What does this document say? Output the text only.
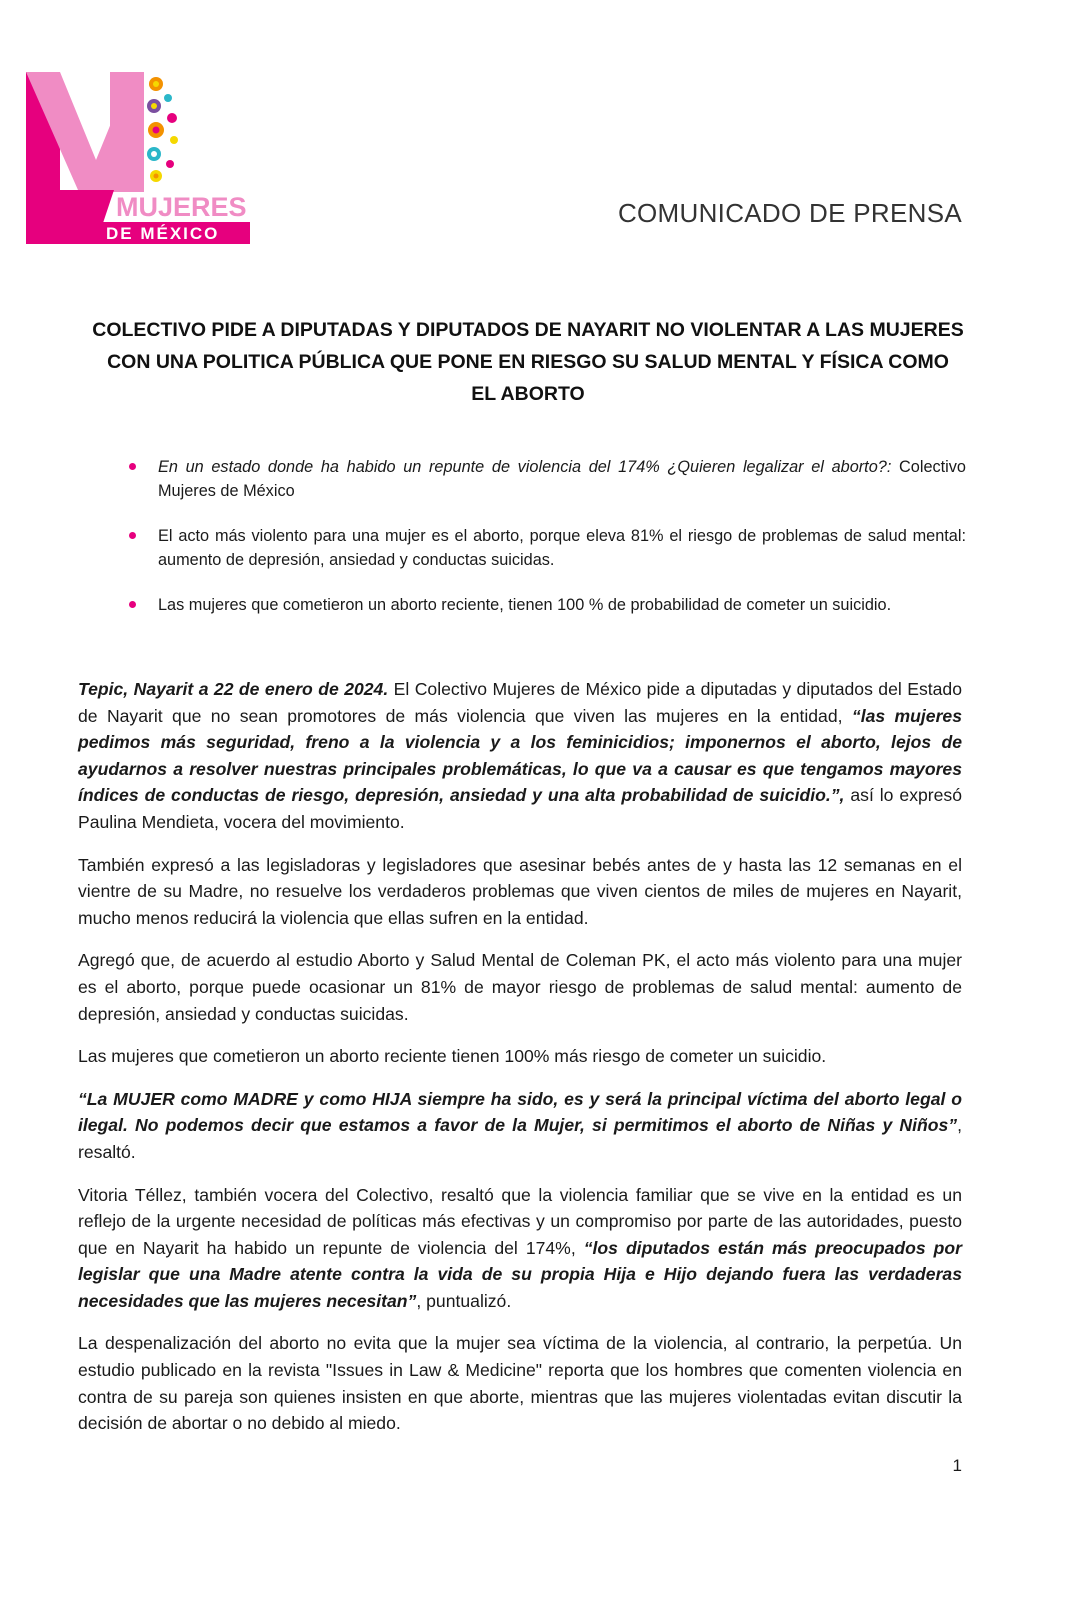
MUJERES
DE MÉXICO
COMUNICADO DE PRENSA
COLECTIVO PIDE A DIPUTADAS Y DIPUTADOS DE NAYARIT NO VIOLENTAR A LAS MUJERES
CON UNA POLITICA PÚBLICA QUE PONE EN RIESGO SU SALUD MENTAL Y FÍSICA COMO
EL ABORTO
En un estado donde ha habido un repunte de violencia del 174% ¿Quieren legalizar el aborto?: Colectivo Mujeres de México
El acto más violento para una mujer es el aborto, porque eleva 81% el riesgo de problemas de salud mental: aumento de depresión, ansiedad y conductas suicidas.
Las mujeres que cometieron un aborto reciente, tienen 100 % de probabilidad de cometer un suicidio.

Tepic, Nayarit a 22 de enero de 2024. El Colectivo Mujeres de México pide a diputadas y diputados del Estado de Nayarit que no sean promotores de más violencia que viven las mujeres en la entidad, “las mujeres pedimos más seguridad, freno a la violencia y a los feminicidios; imponernos el aborto, lejos de ayudarnos a resolver nuestras principales problemáticas, lo que va a causar es que tengamos mayores índices de conductas de riesgo, depresión, ansiedad y una alta probabilidad de suicidio.”, así lo expresó Paulina Mendieta, vocera del movimiento.

También expresó a las legisladoras y legisladores que asesinar bebés antes de y hasta las 12 semanas en el vientre de su Madre, no resuelve los verdaderos problemas que viven cientos de miles de mujeres en Nayarit, mucho menos reducirá la violencia que ellas sufren en la entidad.

Agregó que, de acuerdo al estudio Aborto y Salud Mental de Coleman PK, el acto más violento para una mujer es el aborto, porque puede ocasionar un 81% de mayor riesgo de problemas de salud mental: aumento de depresión, ansiedad y conductas suicidas.

Las mujeres que cometieron un aborto reciente tienen 100% más riesgo de cometer un suicidio.

“La MUJER como MADRE y como HIJA siempre ha sido, es y será la principal víctima del aborto legal o ilegal. No podemos decir que estamos a favor de la Mujer, si permitimos el aborto de Niñas y Niños”, resaltó.

Vitoria Téllez, también vocera del Colectivo, resaltó que la violencia familiar que se vive en la entidad es un reflejo de la urgente necesidad de políticas más efectivas y un compromiso por parte de las autoridades, puesto que en Nayarit ha habido un repunte de violencia del 174%, “los diputados están más preocupados por legislar que una Madre atente contra la vida de su propia Hija e Hijo dejando fuera las verdaderas necesidades que las mujeres necesitan”, puntualizó.

La despenalización del aborto no evita que la mujer sea víctima de la violencia, al contrario, la perpetúa. Un estudio publicado en la revista "Issues in Law & Medicine" reporta que los hombres que comenten violencia en contra de su pareja son quienes insisten en que aborte, mientras que las mujeres violentadas evitan discutir la decisión de abortar o no debido al miedo.

1
